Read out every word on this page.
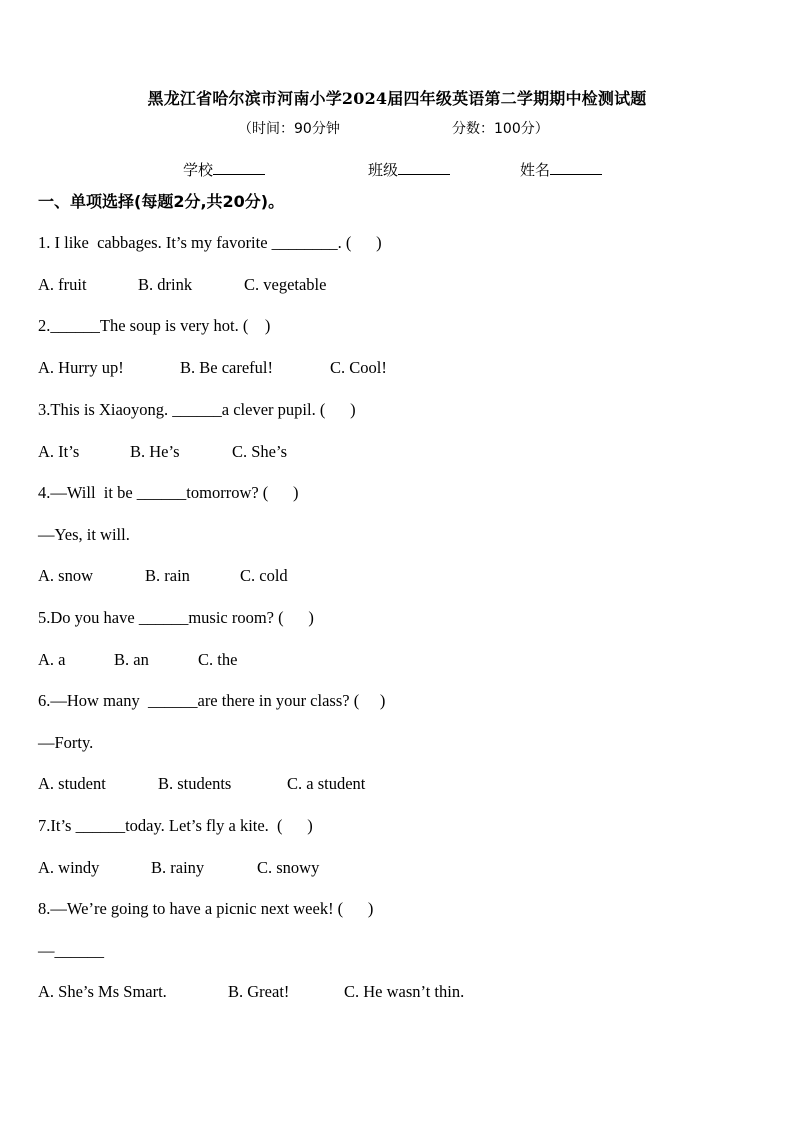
黑龙江省哈尔滨市河南小学2024届四年级英语第二学期期中检测试题
（时间：90分钟	分数：100分）
学校	班级	姓名
一、单项选择(每题2分,共20分)。
1. I like  cabbages. It’s my favorite ________. (      )
A. fruit	B. drink	C. vegetable
2.______The soup is very hot. (    )
A. Hurry up!	B. Be careful!	C. Cool!
3.This is Xiaoyong. ______a clever pupil. (      )
A. It’s	B. He’s	C. She’s
4.—Will  it be ______tomorrow? (      )
—Yes, it will.
A. snow	B. rain	C. cold
5.Do you have ______music room? (      )
A. a	B. an	C. the
6.—How many  ______are there in your class? (     )
—Forty.
A. student	B. students	C. a student
7.It’s ______today. Let’s fly a kite.  (      )
A. windy	B. rainy	C. snowy
8.—We’re going to have a picnic next week! (      )
—______
A. She’s Ms Smart.	B. Great!	C. He wasn’t thin.
